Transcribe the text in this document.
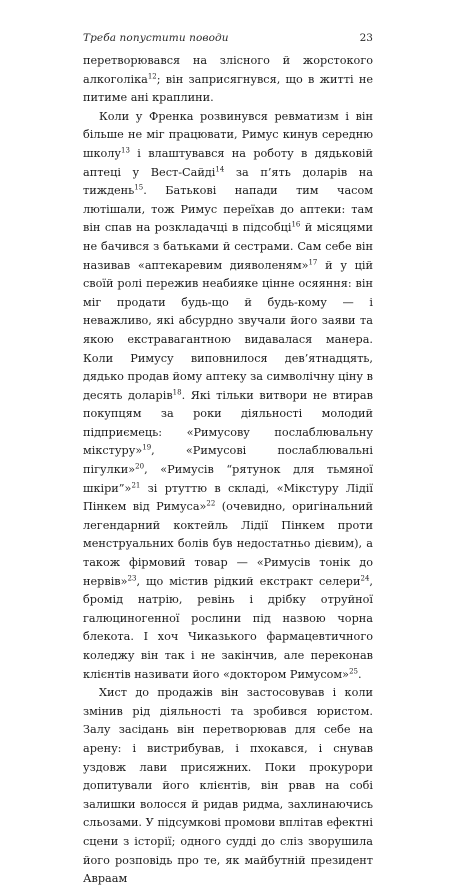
Треба попустити поводи	23

перетворювався на злісного й жорстокого алкоголіка$^{12}$; він заприсягнувся, що в житті не питиме ані краплини.

Коли у Френка розвинувся ревматизм і він більше не міг працювати, Римус кинув середню школу$^{13}$ і влаштувався на роботу в дядьковій аптеці у Вест-Сайді$^{14}$ за п’ять доларів на тиждень$^{15}$. Батькові напади тим часом лютішали, тож Римус переїхав до аптеки: там він спав на розкладачці в підсобці$^{16}$ й місяцями не бачився з батьками й сестрами. Сам себе він називав «аптекаревим дияволеням»$^{17}$ й у цій своїй ролі пережив неабияке цінне осяяння: він міг продати будь-що й будь-кому — і неважливо, які абсурдно звучали його заяви та якою екстравагантною видавалася манера. Коли Римусу виповнилося дев’ятнадцять, дядько продав йому аптеку за символічну ціну в десять доларів$^{18}$. Які тільки витвори не втирав покупцям за роки діяльності молодий підприємець: «Римусову послаблювальну мікстуру»$^{19}$, «Римусові послаблювальні пігулки»$^{20}$, «Римусів “рятунок для тьмяної шкіри”»$^{21}$ зі ртуттю в складі, «Мікстуру Лідії Пінкем від Римуса»$^{22}$ (очевидно, оригінальний легендарний коктейль Лідії Пінкем проти менструальних болів був недостатньо дієвим), а також фірмовий товар — «Римусів тонік до нервів»$^{23}$, що містив рідкий екстракт селери$^{24}$, бромід натрію, ревінь і дрібку отруйної галюциногенної рослини під назвою чорна блекота. І хоч Чиказького фармацевтичного коледжу він так і не закінчив, але переконав клієнтів називати його «доктором Римусом»$^{25}$.

Хист до продажів він застосовував і коли змінив рід діяльності та зробився юристом. Залу засідань він перетворював для себе на арену: і вистрибував, і пхокався, і снував уздовж лави присяжних. Поки прокурори допитували його клієнтів, він рвав на собі залишки волосся й ридав ридма, захлинаючись сльозами. У підсумкові промови вплітав ефектні сцени з історії; одного судді до сліз зворушила його розповідь про те, як майбутній президент Авраам
